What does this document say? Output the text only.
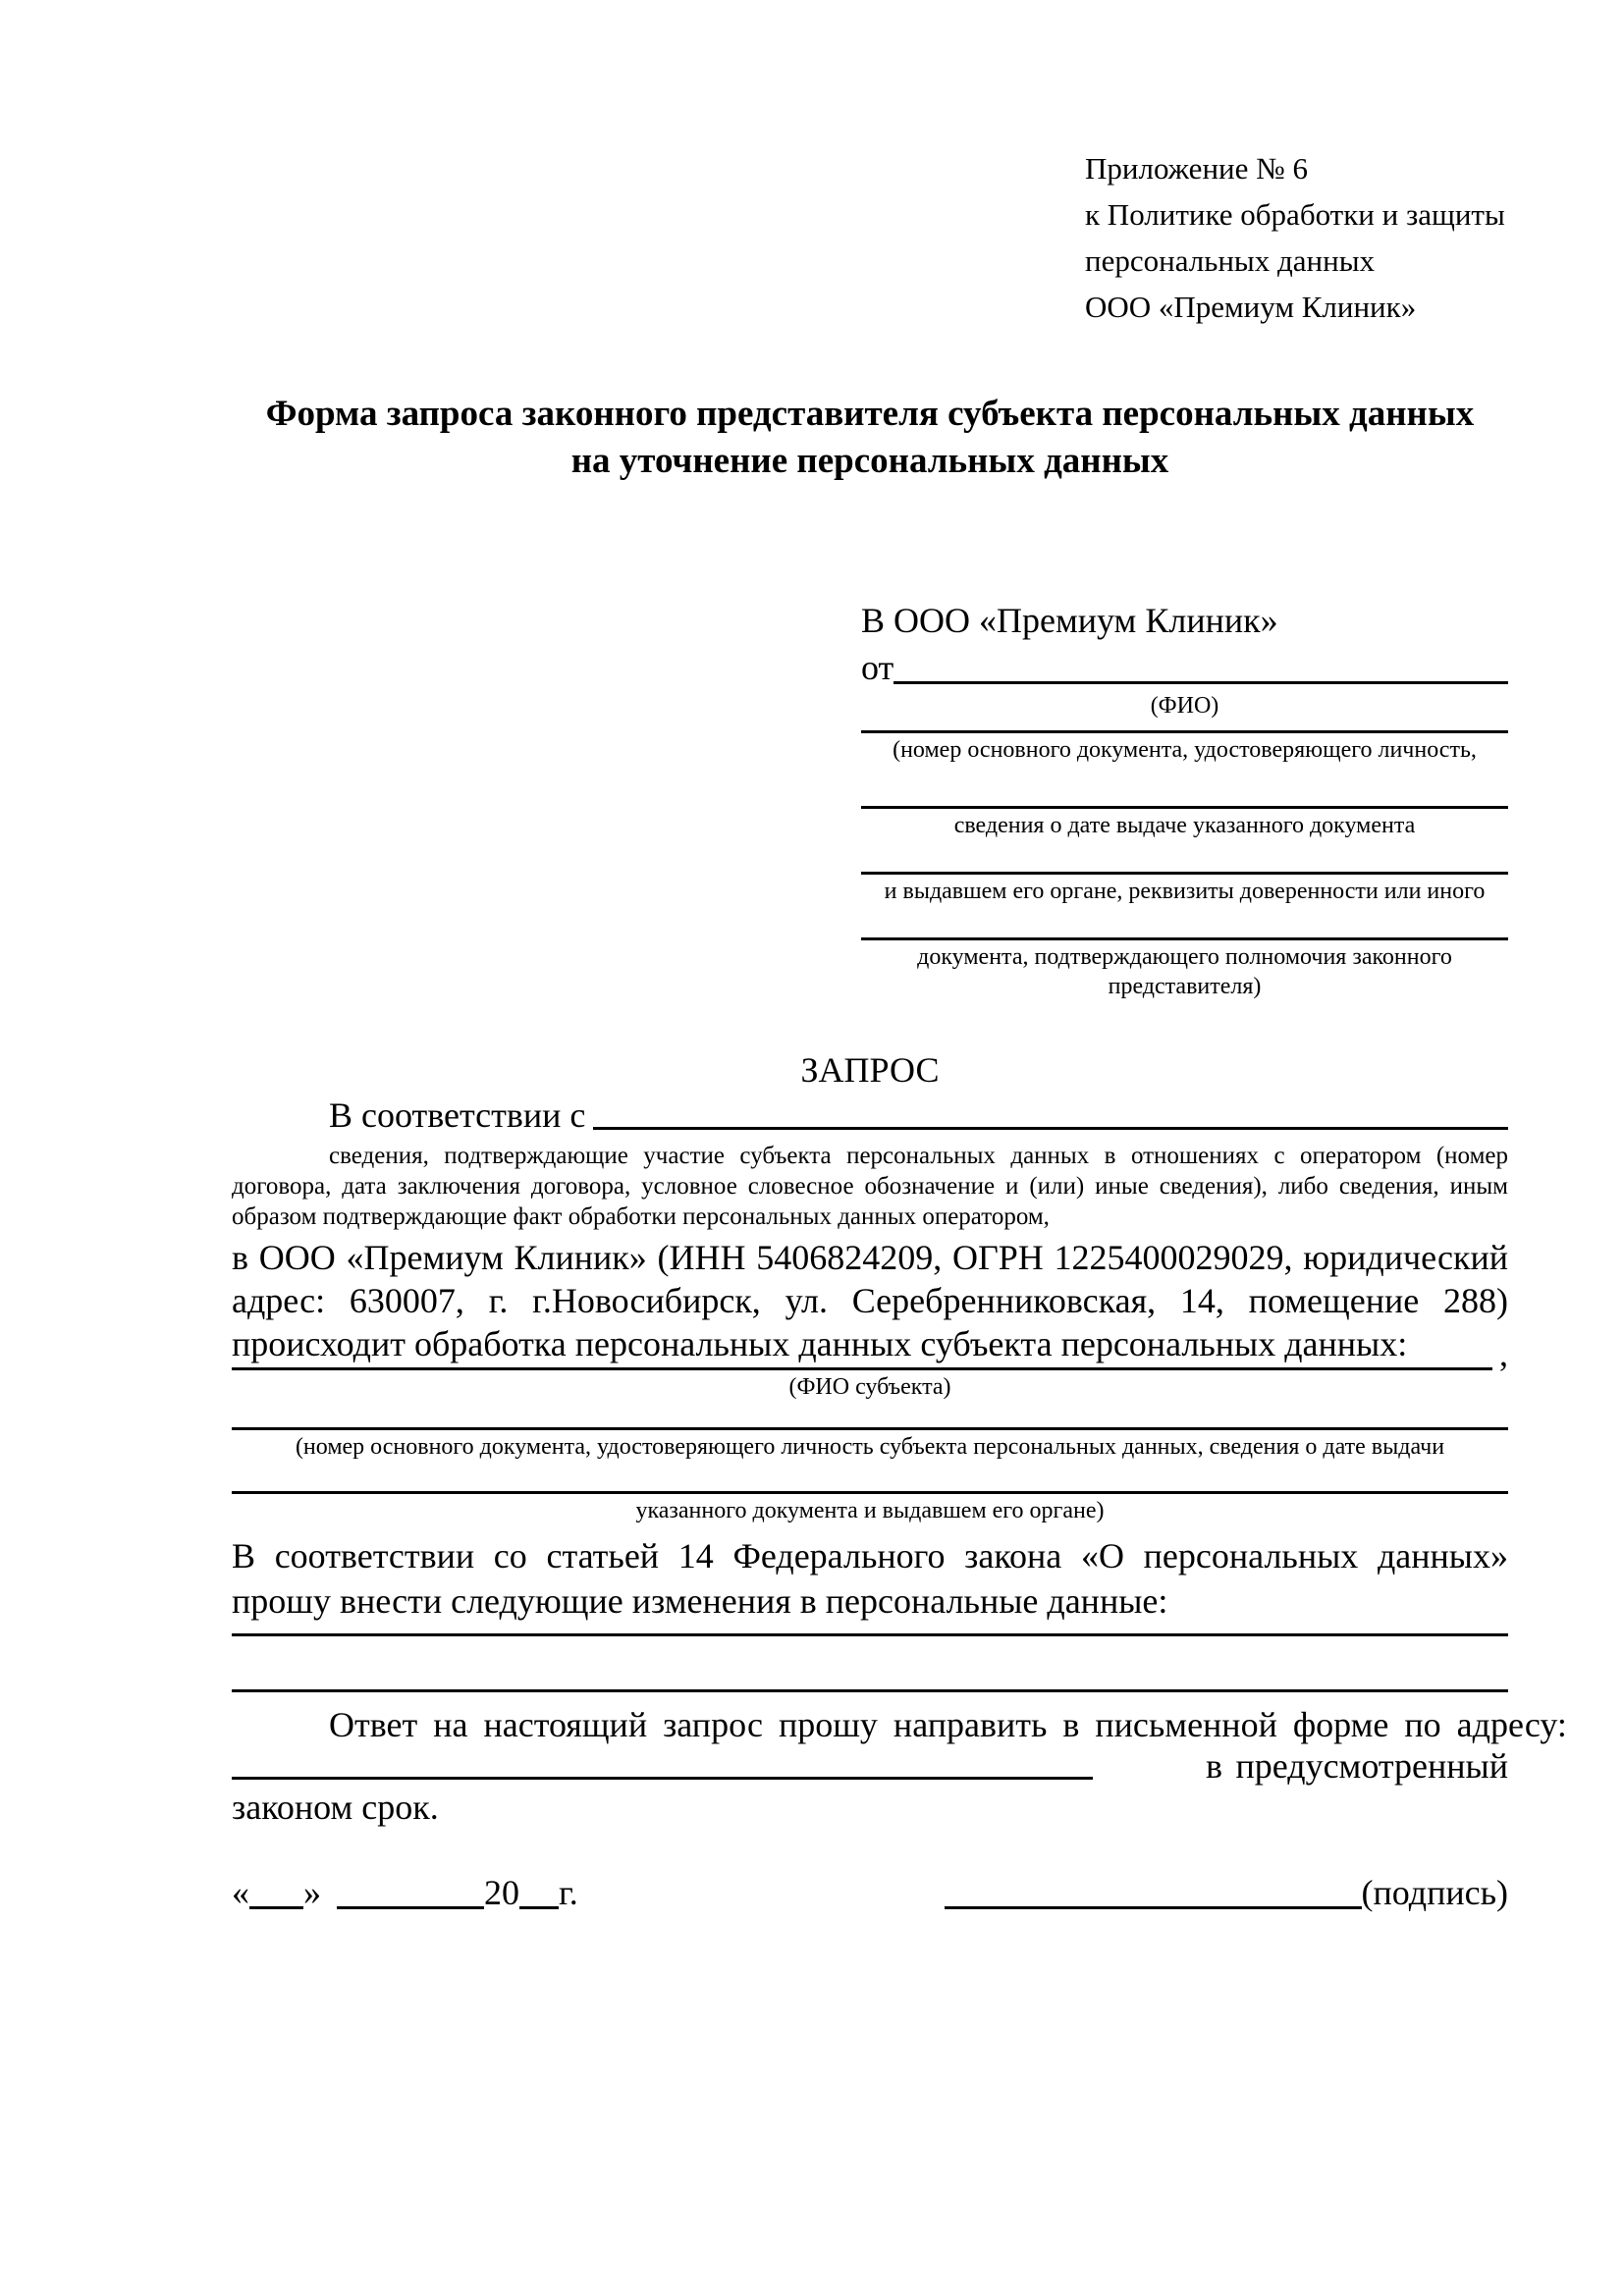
Приложение № 6
к Политике обработки и защиты
персональных данных
ООО «Премиум Клиник»
Форма запроса законного представителя субъекта персональных данных
на уточнение персональных данных
В ООО «Премиум Клиник»
от
(ФИО)
(номер основного документа, удостоверяющего личность,
сведения о дате выдаче указанного документа
и выдавшем его органе, реквизиты доверенности или иного
документа, подтверждающего полномочия законного представителя)
ЗАПРОС
В соответствии с
сведения, подтверждающие участие субъекта персональных данных в отношениях с оператором (номер договора, дата заключения договора, условное словесное обозначение и (или) иные сведения), либо сведения, иным образом подтверждающие факт обработки персональных данных оператором,
в ООО «Премиум Клиник» (ИНН 5406824209, ОГРН 1225400029029, юридический адрес: 630007, г. г.Новосибирск, ул. Серебренниковская, 14, помещение 288) происходит обработка персональных данных субъекта персональных данных:	,
(ФИО субъекта)
(номер основного документа, удостоверяющего личность субъекта персональных данных, сведения о дате выдачи
указанного документа и выдавшем его органе)
В соответствии со статьей 14 Федерального закона «О персональных данных» прошу внести следующие изменения в персональные данные:
Ответ на настоящий запрос прошу направить в письменной форме по адресу:
в предусмотренный
законом срок.
« »	20 г.	(подпись)
